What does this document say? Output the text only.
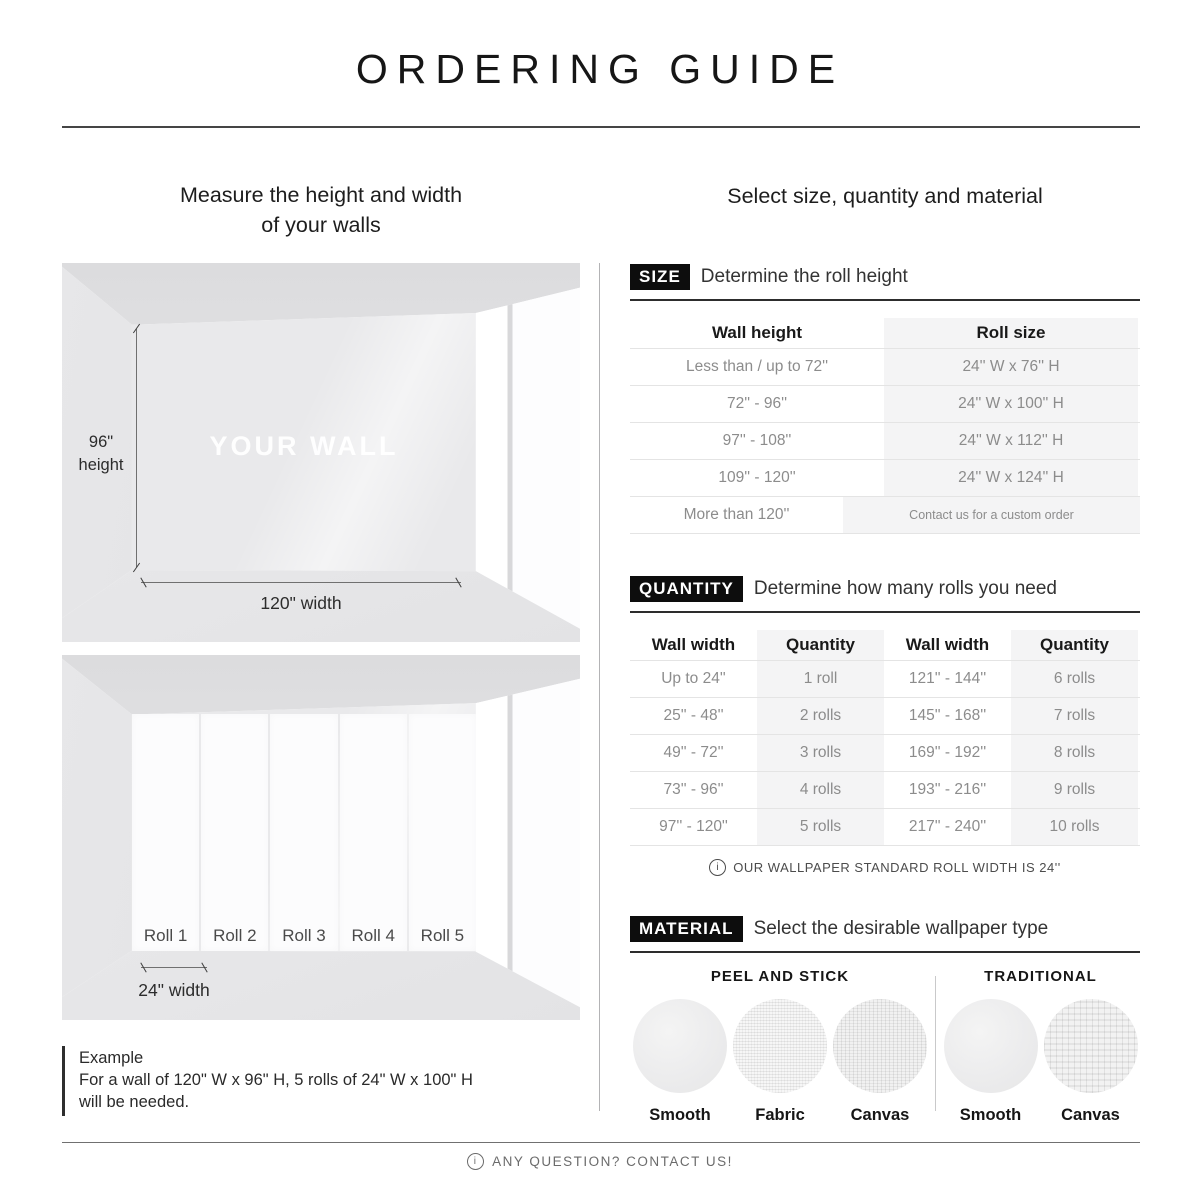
ORDERING GUIDE
Measure the height and width
of your walls
Select size, quantity and material
96"
height
YOUR WALL
120" width
Roll 1	Roll 2	Roll 3	Roll 4	Roll 5
24" width
Example
For a wall of 120" W x 96" H, 5 rolls of 24" W x 100" H
will be needed.
SIZE	Determine the roll height
Wall height	Roll size
Less than / up to 72''	24'' W x 76'' H
72'' - 96''	24'' W x 100'' H
97'' - 108''	24'' W x 112'' H
109'' - 120''	24'' W x 124'' H
More than 120''	Contact us for a custom order
QUANTITY	Determine how many rolls you need
Wall width	Quantity	Wall width	Quantity
Up to 24''	1 roll	121'' - 144''	6 rolls
25'' - 48''	2 rolls	145'' - 168''	7 rolls
49'' - 72''	3 rolls	169'' - 192''	8 rolls
73'' - 96''	4 rolls	193'' - 216''	9 rolls
97'' - 120''	5 rolls	217'' - 240''	10 rolls
i	OUR WALLPAPER STANDARD ROLL WIDTH IS 24''
MATERIAL	Select the desirable wallpaper type
PEEL AND STICK
Smooth	Fabric	Canvas
TRADITIONAL
Smooth	Canvas
i	ANY QUESTION? CONTACT US!
